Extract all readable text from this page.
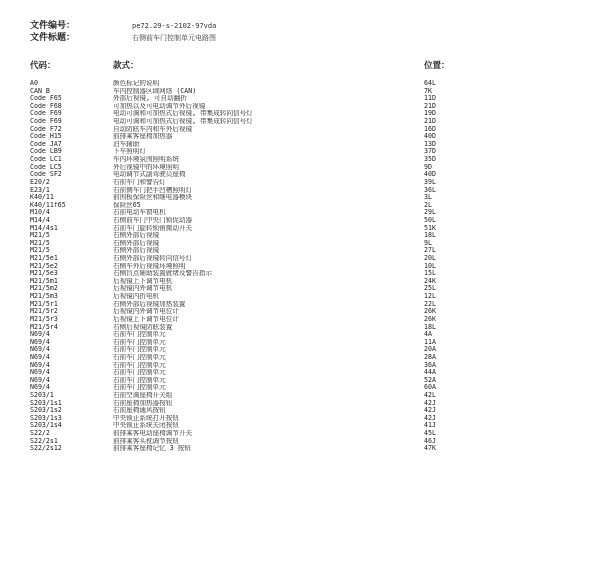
文件编号：	pe72.29-s-2102-97vda
文件标题：	右侧前车门控制单元电路图
代码：	款式：	位置：
A0	颜色标记的说明	64L
CAN B	车内控制器区域网络 (CAN)	7K
Code F65	外部后视镜, 可自动翻折	11D
Code F68	可加热以及可电动调节外后视镜	21D
Code F69	电动可调和可加热式后视镜, 带集成转向信号灯	19D
Code F69	电动可调和可加热式后视镜, 带集成转向信号灯	21D
Code F72	自动防眩车内和车外后视镜	16D
Code H15	前排乘客座椅加热器	40D
Code JA7	泊车辅助	13D
Code LB9	下车照明灯	37D
Code LC1	车内环境氛围照明系统	35D
Code LC5	外后视镜中的环境照明	9D
Code SF2	电动调节式副驾驶员座椅	40D
E20/2	右前车门和警告灯	39L
E23/1	右前侧车门把手凹槽照明灯	36L
K40/11	前围板保险丝和继电器模块	3L
K40/11f65	保险丝65	2L
M10/4	右前电动车窗电机	29L
M14/4	右侧前车门中央门锁促动器	50L
M14/4s1	右前车门旋转锁销微动开关	51K
M21/5	右侧外部后视镜	18L
M21/5	右侧外部后视镜	9L
M21/5	右侧外部后视镜	27L
M21/5e1	右侧外部后视镜转向信号灯	20L
M21/5e2	右侧车外后视镜环境照明	10L
M21/5e3	右侧盲点辅助装置就绪及警告指示	15L
M21/5m1	后视镜上下调节电机	24K
M21/5m2	后视镜内外调节电机	25L
M21/5m3	后视镜内折电机	12L
M21/5r1	右侧外部后视镜加热装置	22L
M21/5r2	后视镜内外调节电位计	26K
M21/5r3	后视镜上下调节电位计	26K
M21/5r4	右侧后视镜防眩装置	18L
N69/4	右前车门控制单元	4A
N69/4	右前车门控制单元	11A
N69/4	右前车门控制单元	20A
N69/4	右前车门控制单元	28A
N69/4	右前车门控制单元	36A
N69/4	右前车门控制单元	44A
N69/4	右前车门控制单元	52A
N69/4	右前车门控制单元	60A
S203/1	右前空调座椅开关组	42L
S203/1s1	右前座椅加热器按钮	42J
S203/1s2	右前座椅通风按钮	42J
S203/1s3	中央锁止系统打开按钮	42J
S203/1s4	中央锁止系统关闭按钮	41J
S22/2	前排乘客电动座椅调节开关	45L
S22/2s1	前排乘客头枕调节按钮	46J
S22/2s12	前排乘客座椅记忆 3 按钮	47K
